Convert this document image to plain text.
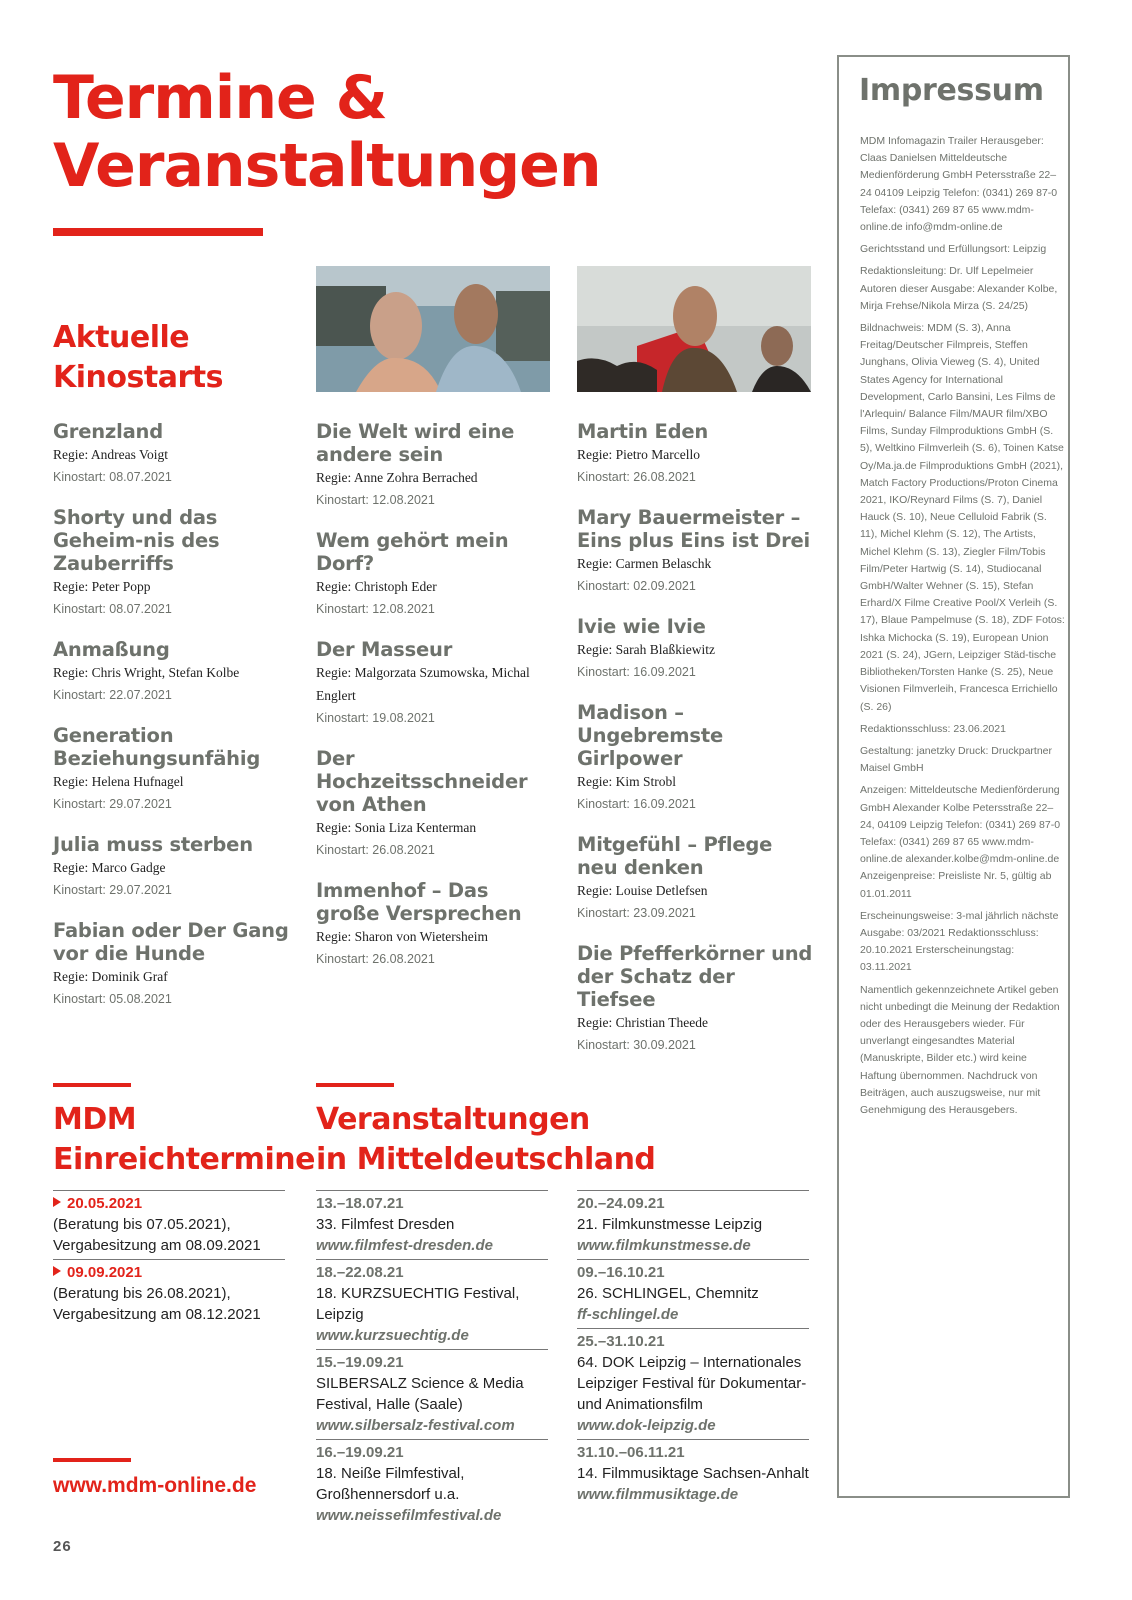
Termine &
Veranstaltungen
Aktuelle
Kinostarts
Grenzland
Regie: Andreas Voigt
Kinostart: 08.07.2021
Shorty und das Geheim-nis des Zauberriffs
Regie: Peter Popp
Kinostart: 08.07.2021
Anmaßung
Regie: Chris Wright, Stefan Kolbe
Kinostart: 22.07.2021
Generation Beziehungsunfähig
Regie: Helena Hufnagel
Kinostart: 29.07.2021
Julia muss sterben
Regie: Marco Gadge
Kinostart: 29.07.2021
Fabian oder Der Gang vor die Hunde
Regie: Dominik Graf
Kinostart: 05.08.2021
Die Welt wird eine andere sein
Regie: Anne Zohra Berrached
Kinostart: 12.08.2021
Wem gehört mein Dorf?
Regie: Christoph Eder
Kinostart: 12.08.2021
Der Masseur
Regie: Malgorzata Szumowska, Michal Englert
Kinostart: 19.08.2021
Der Hochzeitsschneider von Athen
Regie: Sonia Liza Kenterman
Kinostart: 26.08.2021
Immenhof – Das große Versprechen
Regie: Sharon von Wietersheim
Kinostart: 26.08.2021
Martin Eden
Regie: Pietro Marcello
Kinostart: 26.08.2021
Mary Bauermeister – Eins plus Eins ist Drei
Regie: Carmen Belaschk
Kinostart: 02.09.2021
Ivie wie Ivie
Regie: Sarah Blaßkiewitz
Kinostart: 16.09.2021
Madison – Ungebremste Girlpower
Regie: Kim Strobl
Kinostart: 16.09.2021
Mitgefühl – Pflege neu denken
Regie: Louise Detlefsen
Kinostart: 23.09.2021
Die Pfefferkörner und der Schatz der Tiefsee
Regie: Christian Theede
Kinostart: 30.09.2021
MDM
Einreichtermine
Veranstaltungen
in Mitteldeutschland
20.05.2021
(Beratung bis 07.05.2021),
Vergabesitzung am 08.09.2021
09.09.2021
(Beratung bis 26.08.2021),
Vergabesitzung am 08.12.2021
13.–18.07.21
33. Filmfest Dresden
www.filmfest-dresden.de
18.–22.08.21
18. KURZSUECHTIG Festival, Leipzig
www.kurzsuechtig.de
15.–19.09.21
SILBERSALZ Science & Media Festival, Halle (Saale)
www.silbersalz-festival.com
16.–19.09.21
18. Neiße Filmfestival, Großhennersdorf u.a.
www.neissefilmfestival.de
20.–24.09.21
21. Filmkunstmesse Leipzig
www.filmkunstmesse.de
09.–16.10.21
26. SCHLINGEL, Chemnitz
ff-schlingel.de
25.–31.10.21
64. DOK Leipzig – Internationales Leipziger Festival für Dokumentar- und Animationsfilm
www.dok-leipzig.de
31.10.–06.11.21
14. Filmmusiktage Sachsen-Anhalt
www.filmmusiktage.de
Impressum
MDM Infomagazin Trailer Herausgeber: Claas Danielsen Mitteldeutsche Medienförderung GmbH Petersstraße 22–24 04109 Leipzig Telefon: (0341) 269 87-0 Telefax: (0341) 269 87 65 www.mdm-online.de info@mdm-online.de
Gerichtsstand und Erfüllungsort: Leipzig
Redaktionsleitung: Dr. Ulf Lepelmeier Autoren dieser Ausgabe: Alexander Kolbe, Mirja Frehse/Nikola Mirza (S. 24/25)
Bildnachweis: MDM (S. 3), Anna Freitag/Deutscher Filmpreis, Steffen Junghans, Olivia Vieweg (S. 4), United States Agency for International Development, Carlo Bansini, Les Films de l'Arlequin/ Balance Film/MAUR film/XBO Films, Sunday Filmproduktions GmbH (S. 5), Weltkino Filmverleih (S. 6), Toinen Katse Oy/Ma.ja.de Filmproduktions GmbH (2021), Match Factory Productions/Proton Cinema 2021, IKO/Reynard Films (S. 7), Daniel Hauck (S. 10), Neue Celluloid Fabrik (S. 11), Michel Klehm (S. 12), The Artists, Michel Klehm (S. 13), Ziegler Film/Tobis Film/Peter Hartwig (S. 14), Studiocanal GmbH/Walter Wehner (S. 15), Stefan Erhard/X Filme Creative Pool/X Verleih (S. 17), Blaue Pampelmuse (S. 18), ZDF Fotos: Ishka Michocka (S. 19), European Union 2021 (S. 24), JGern, Leipziger Städ-tische Bibliotheken/Torsten Hanke (S. 25), Neue Visionen Filmverleih, Francesca Errichiello (S. 26)
Redaktionsschluss: 23.06.2021
Gestaltung: janetzky Druck: Druckpartner Maisel GmbH
Anzeigen: Mitteldeutsche Medienförderung GmbH Alexander Kolbe Petersstraße 22–24, 04109 Leipzig Telefon: (0341) 269 87-0 Telefax: (0341) 269 87 65 www.mdm-online.de alexander.kolbe@mdm-online.de Anzeigenpreise: Preisliste Nr. 5, gültig ab 01.01.2011
Erscheinungsweise: 3-mal jährlich nächste Ausgabe: 03/2021 Redaktionsschluss: 20.10.2021 Ersterscheinungstag: 03.11.2021
Namentlich gekennzeichnete Artikel geben nicht unbedingt die Meinung der Redaktion oder des Herausgebers wieder. Für unverlangt eingesandtes Material (Manuskripte, Bilder etc.) wird keine Haftung übernommen. Nachdruck von Beiträgen, auch auszugsweise, nur mit Genehmigung des Herausgebers.
www.mdm-online.de
26
